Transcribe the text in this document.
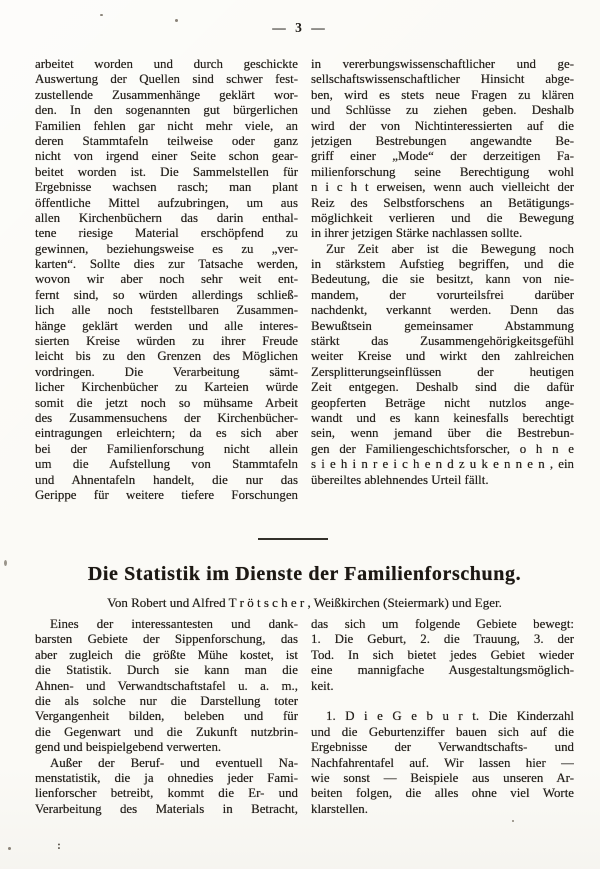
— 3 —
arbeitet worden und durch geschickte
Auswertung der Quellen sind schwer fest-
zustellende Zusammenhänge geklärt wor-
den. In den sogenannten gut bürgerlichen
Familien fehlen gar nicht mehr viele, an
deren Stammtafeln teilweise oder ganz
nicht von irgend einer Seite schon gear-
beitet worden ist. Die Sammelstellen für
Ergebnisse wachsen rasch; man plant
öffentliche Mittel aufzubringen, um aus
allen Kirchenbüchern das darin enthal-
tene riesige Material erschöpfend zu
gewinnen, beziehungsweise es zu „ver-
karten“. Sollte dies zur Tatsache werden,
wovon wir aber noch sehr weit ent-
fernt sind, so würden allerdings schließ-
lich alle noch feststellbaren Zusammen-
hänge geklärt werden und alle interes-
sierten Kreise würden zu ihrer Freude
leicht bis zu den Grenzen des Möglichen
vordringen. Die Verarbeitung sämt-
licher Kirchenbücher zu Karteien würde
somit die jetzt noch so mühsame Arbeit
des Zusammensuchens der Kirchenbücher-
eintragungen erleichtern; da es sich aber
bei der Familienforschung nicht allein
um die Aufstellung von Stammtafeln
und Ahnentafeln handelt, die nur das
Gerippe für weitere tiefere Forschungen
in vererbungswissenschaftlicher und ge-
sellschaftswissenschaftlicher Hinsicht abge-
ben, wird es stets neue Fragen zu klären
und Schlüsse zu ziehen geben. Deshalb
wird der von Nichtinteressierten auf die
jetzigen Bestrebungen angewandte Be-
griff einer „Mode“ der derzeitigen Fa-
milienforschung seine Berechtigung wohl
n i c h t erweisen, wenn auch vielleicht der
Reiz des Selbstforschens an Betätigungs-
möglichkeit verlieren und die Bewegung
in ihrer jetzigen Stärke nachlassen sollte.
Zur Zeit aber ist die Bewegung noch
in stärkstem Aufstieg begriffen, und die
Bedeutung, die sie besitzt, kann von nie-
mandem, der vorurteilsfrei darüber
nachdenkt, verkannt werden. Denn das
Bewußtsein gemeinsamer Abstammung
stärkt das Zusammengehörigkeitsgefühl
weiter Kreise und wirkt den zahlreichen
Zersplitterungseinflüssen der heutigen
Zeit entgegen. Deshalb sind die dafür
geopferten Beträge nicht nutzlos ange-
wandt und es kann keinesfalls berechtigt
sein, wenn jemand über die Bestrebun-
gen der Familiengeschichtsforscher, o h n e
s i e h i n r e i c h e n d z u k e n n e n , ein
übereiltes ablehnendes Urteil fällt.
Die Statistik im Dienste der Familienforschung.
Von Robert und Alfred T r ö t s c h e r , Weißkirchen (Steiermark) und Eger.
Eines der interessantesten und dank-
barsten Gebiete der Sippenforschung, das
aber zugleich die größte Mühe kostet, ist
die Statistik. Durch sie kann man die
Ahnen- und Verwandtschaftstafel u. a. m.,
die als solche nur die Darstellung toter
Vergangenheit bilden, beleben und für
die Gegenwart und die Zukunft nutzbrin-
gend und beispielgebend verwerten.
Außer der Beruf- und eventuell Na-
menstatistik, die ja ohnedies jeder Fami-
lienforscher betreibt, kommt die Er- und
Verarbeitung des Materials in Betracht,
das sich um folgende Gebiete bewegt:
1. Die Geburt, 2. die Trauung, 3. der
Tod. In sich bietet jedes Gebiet wieder
eine mannigfache Ausgestaltungsmöglich-
keit.
1. D i e G e b u r t. Die Kinderzahl
und die Geburtenziffer bauen sich auf die
Ergebnisse der Verwandtschafts- und
Nachfahrentafel auf. Wir lassen hier —
wie sonst — Beispiele aus unseren Ar-
beiten folgen, die alles ohne viel Worte
klarstellen.
:
